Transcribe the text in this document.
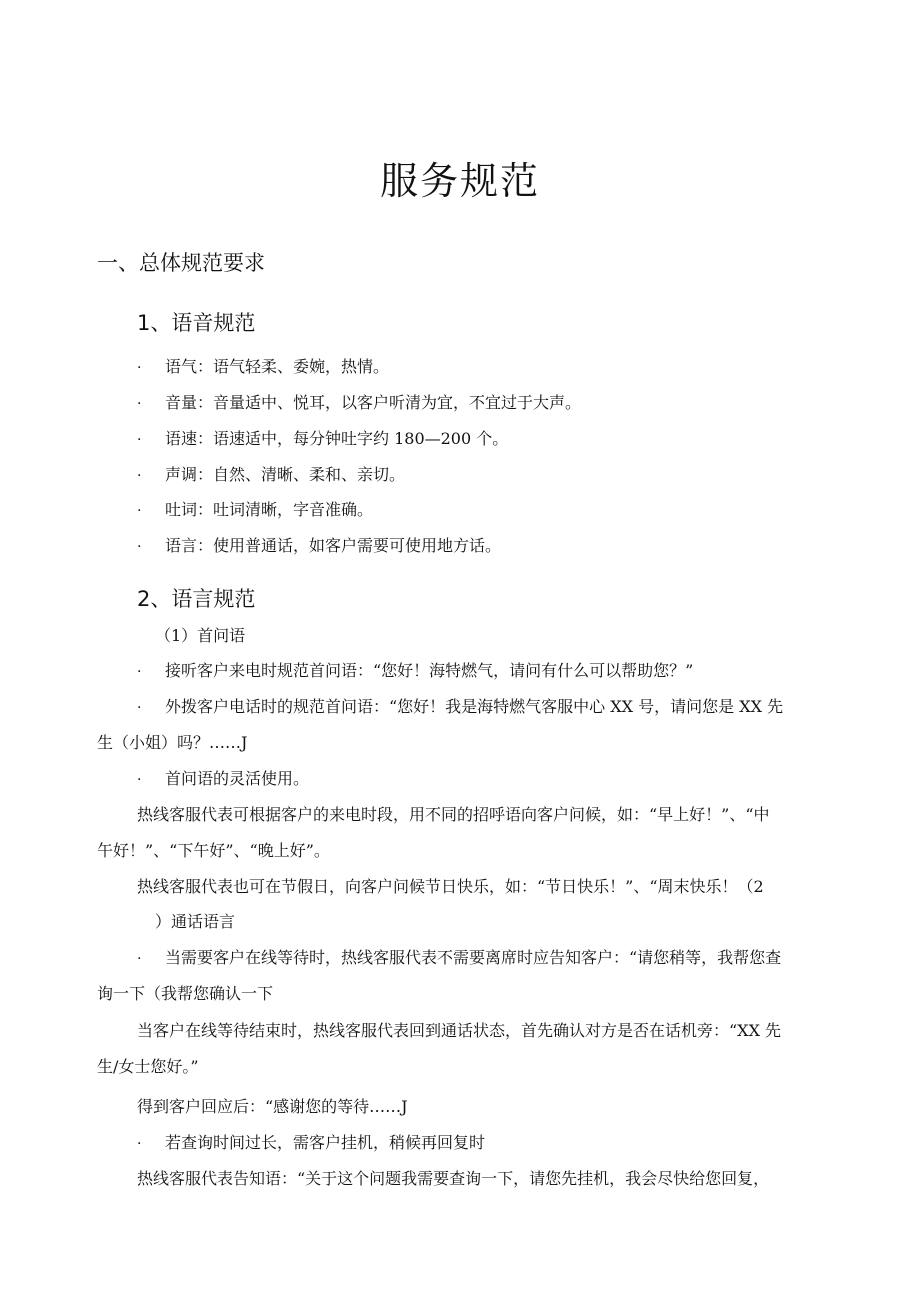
服务规范
一、总体规范要求
1、语音规范
· 语气：语气轻柔、委婉，热情。
· 音量：音量适中、悦耳，以客户听清为宜，不宜过于大声。
· 语速：语速适中，每分钟吐字约 180—200 个。
· 声调：自然、清晰、柔和、亲切。
· 吐词：吐词清晰，字音准确。
· 语言：使用普通话，如客户需要可使用地方话。
2、语言规范
（1）首问语
· 接听客户来电时规范首问语：“您好！海特燃气，请问有什么可以帮助您？”
· 外拨客户电话时的规范首问语：“您好！我是海特燃气客服中心 XX 号，请问您是 XX 先
生（小姐）吗？……J
· 首问语的灵活使用。
热线客服代表可根据客户的来电时段，用不同的招呼语向客户问候，如：“早上好！”、“中
午好！”、“下午好”、“晚上好”。
热线客服代表也可在节假日，向客户问候节日快乐，如：“节日快乐！”、“周末快乐！（2
）通话语言
· 当需要客户在线等待时，热线客服代表不需要离席时应告知客户：“请您稍等，我帮您查
询一下（我帮您确认一下
当客户在线等待结束时，热线客服代表回到通话状态，首先确认对方是否在话机旁：“XX 先
生/女士您好。”
得到客户回应后：“感谢您的等待……J
· 若查询时间过长，需客户挂机，稍候再回复时
热线客服代表告知语：“关于这个问题我需要查询一下，请您先挂机，我会尽快给您回复，
